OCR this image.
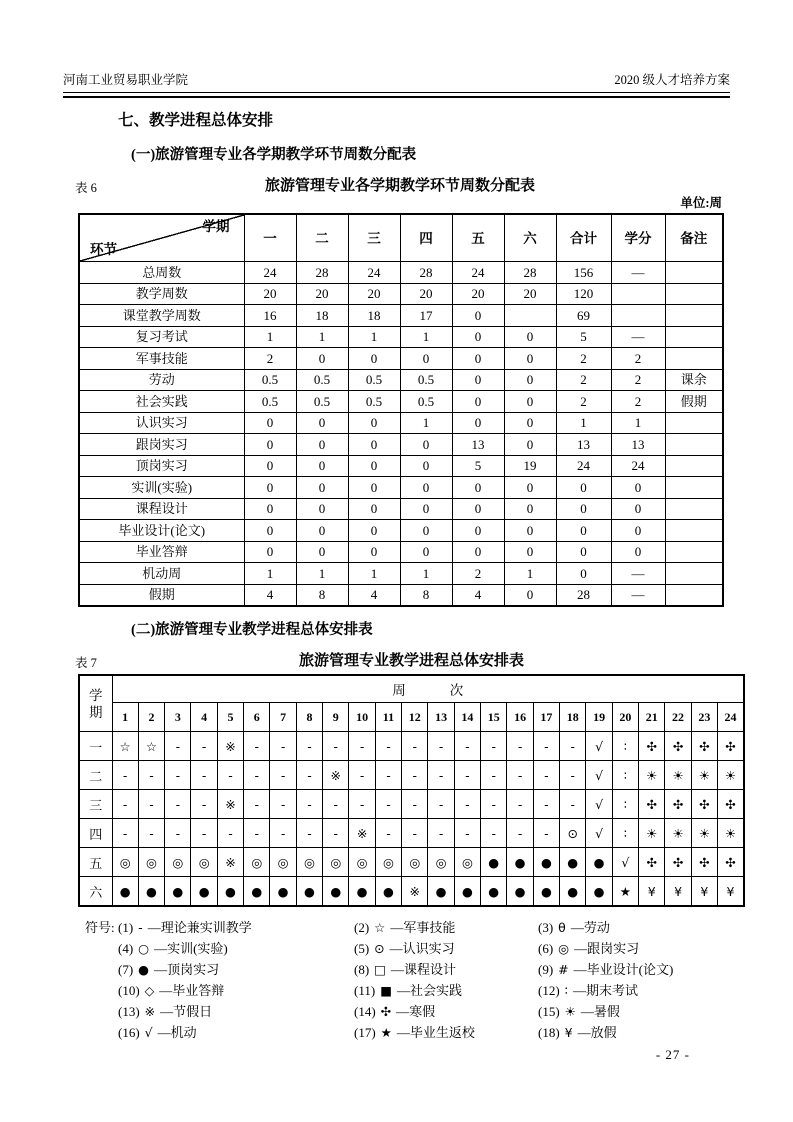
河南工业贸易职业学院	2020 级人才培养方案
七、教学进程总体安排
(一)旅游管理专业各学期教学环节周数分配表
表 6	旅游管理专业各学期教学环节周数分配表
单位:周
学期
环节	一	二	三	四	五	六	合计	学分	备注
总周数	24	28	24	28	24	28	156	—	
教学周数	20	20	20	20	20	20	120		
课堂教学周数	16	18	18	17	0		69		
复习考试	1	1	1	1	0	0	5	—	
军事技能	2	0	0	0	0	0	2	2	
劳动	0.5	0.5	0.5	0.5	0	0	2	2	课余
社会实践	0.5	0.5	0.5	0.5	0	0	2	2	假期
认识实习	0	0	0	1	0	0	1	1	
跟岗实习	0	0	0	0	13	0	13	13	
顶岗实习	0	0	0	0	5	19	24	24	
实训(实验)	0	0	0	0	0	0	0	0	
课程设计	0	0	0	0	0	0	0	0	
毕业设计(论文)	0	0	0	0	0	0	0	0	
毕业答辩	0	0	0	0	0	0	0	0	
机动周	1	1	1	1	2	1	0	—	
假期	4	8	4	8	4	0	28	—	
(二)旅游管理专业教学进程总体安排表
表 7	旅游管理专业教学进程总体安排表
学期	周次																							
	1	2	3	4	5	6	7	8	9	10	11	12	13	14	15	16	17	18	19	20	21	22	23	24
一	☆	☆	-	-	※	-	-	-	-	-	-	-	-	-	-	-	-	-	√	∶	✣	✣	✣	✣
二	-	-	-	-	-	-	-	-	※	-	-	-	-	-	-	-	-	-	√	∶	☀	☀	☀	☀
三	-	-	-	-	※	-	-	-	-	-	-	-	-	-	-	-	-	-	√	∶	✣	✣	✣	✣
四	-	-	-	-	-	-	-	-	-	※	-	-	-	-	-	-	-	⊙	√	∶	☀	☀	☀	☀
五	◎	◎	◎	◎	※	◎	◎	◎	◎	◎	◎	◎	◎	◎	●	●	●	●	●	√	✣	✣	✣	✣
六	●	●	●	●	●	●	●	●	●	●	●	※	●	●	●	●	●	●	●	★	¥	¥	¥	¥
符号: (1) - —理论兼实训教学	(2) ☆ —军事技能	(3) θ —劳动
(4) ○ —实训(实验)	(5) ⊙ —认识实习	(6) ◎ —跟岗实习
(7) ● —顶岗实习	(8) □ —课程设计	(9) # —毕业设计(论文)
(10) ◇ —毕业答辩	(11) ■ —社会实践	(12) ∶ —期末考试
(13) ※ —节假日	(14) ✣ —寒假	(15) ☀ —暑假
(16) √ —机动	(17) ★ —毕业生返校	(18) ¥ —放假
- 27 -
